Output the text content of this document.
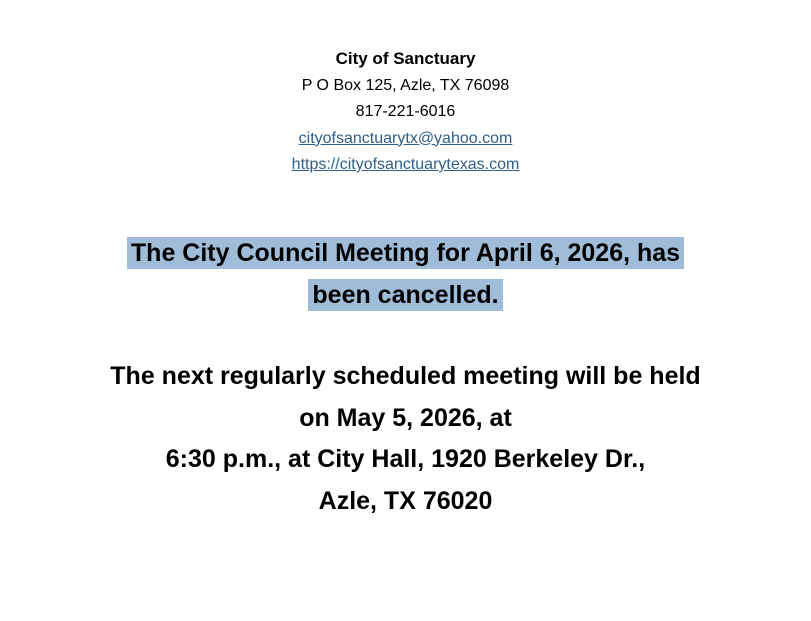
City of Sanctuary
P O Box 125, Azle, TX 76098
817-221-6016
cityofsanctuarytx@yahoo.com
https://cityofsanctuarytexas.com
The City Council Meeting for April 6, 2026, has
been cancelled.
The next regularly scheduled meeting will be held
on May 5, 2026, at
6:30 p.m., at City Hall, 1920 Berkeley Dr.,
Azle, TX 76020
